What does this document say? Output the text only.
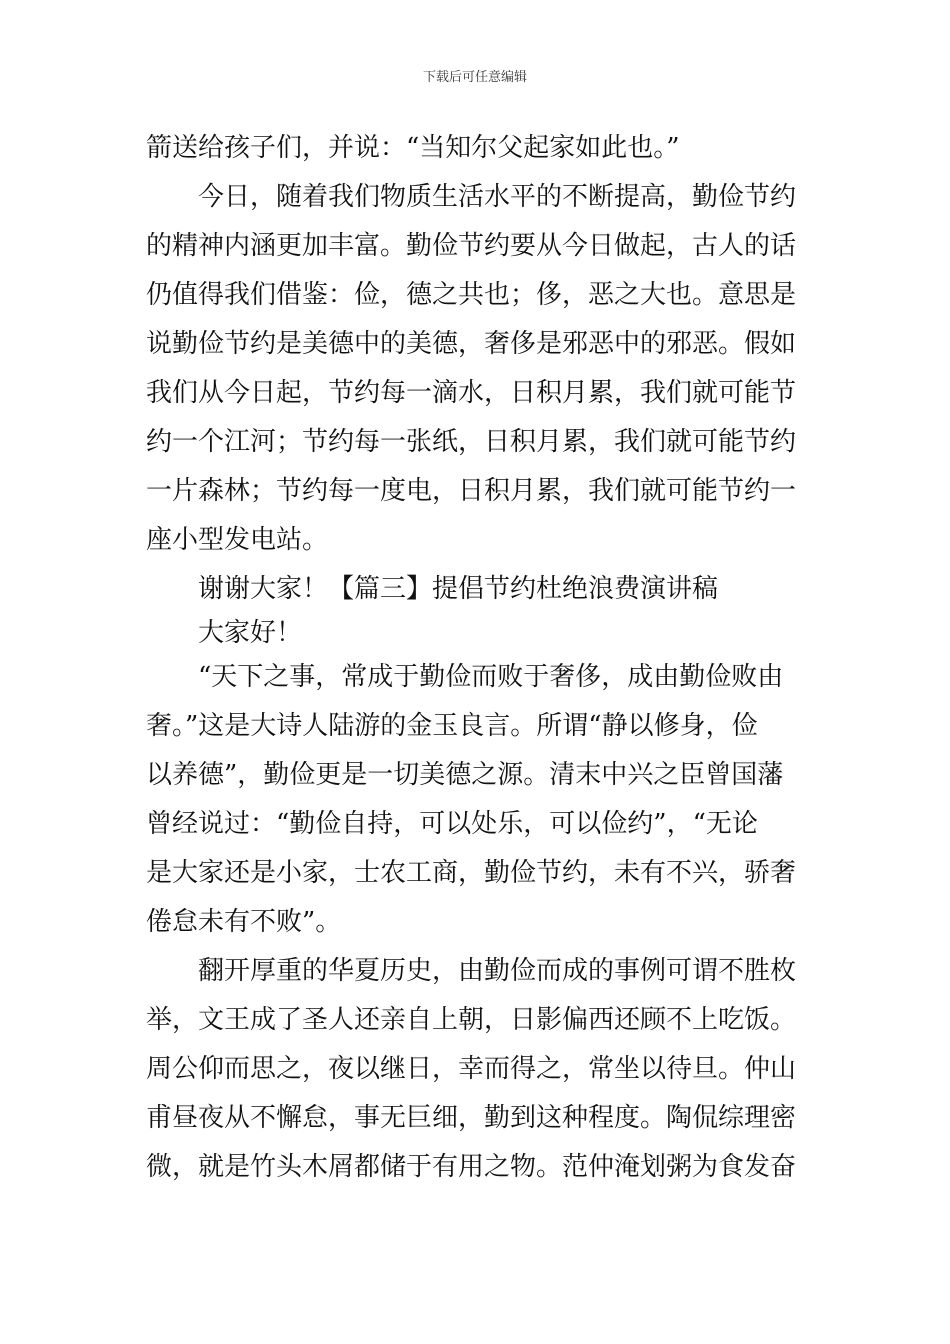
下载后可任意编辑
箭送给孩子们，并说：“当知尔父起家如此也。”
今日，随着我们物质生活水平的不断提高，勤俭节约
的精神内涵更加丰富。勤俭节约要从今日做起，古人的话
仍值得我们借鉴：俭，德之共也；侈，恶之大也。意思是
说勤俭节约是美德中的美德，奢侈是邪恶中的邪恶。假如
我们从今日起，节约每一滴水，日积月累，我们就可能节
约一个江河；节约每一张纸，日积月累，我们就可能节约
一片森林；节约每一度电，日积月累，我们就可能节约一
座小型发电站。
谢谢大家！【篇三】提倡节约杜绝浪费演讲稿
大家好！
“天下之事，常成于勤俭而败于奢侈，成由勤俭败由
奢。”这是大诗人陆游的金玉良言。所谓“静以修身，俭
以养德”，勤俭更是一切美德之源。清末中兴之臣曾国藩
曾经说过：“勤俭自持，可以处乐，可以俭约”，“无论
是大家还是小家，士农工商，勤俭节约，未有不兴，骄奢
倦怠未有不败”。
翻开厚重的华夏历史，由勤俭而成的事例可谓不胜枚
举，文王成了圣人还亲自上朝，日影偏西还顾不上吃饭。
周公仰而思之，夜以继日，幸而得之，常坐以待旦。仲山
甫昼夜从不懈怠，事无巨细，勤到这种程度。陶侃综理密
微，就是竹头木屑都储于有用之物。范仲淹划粥为食发奋
